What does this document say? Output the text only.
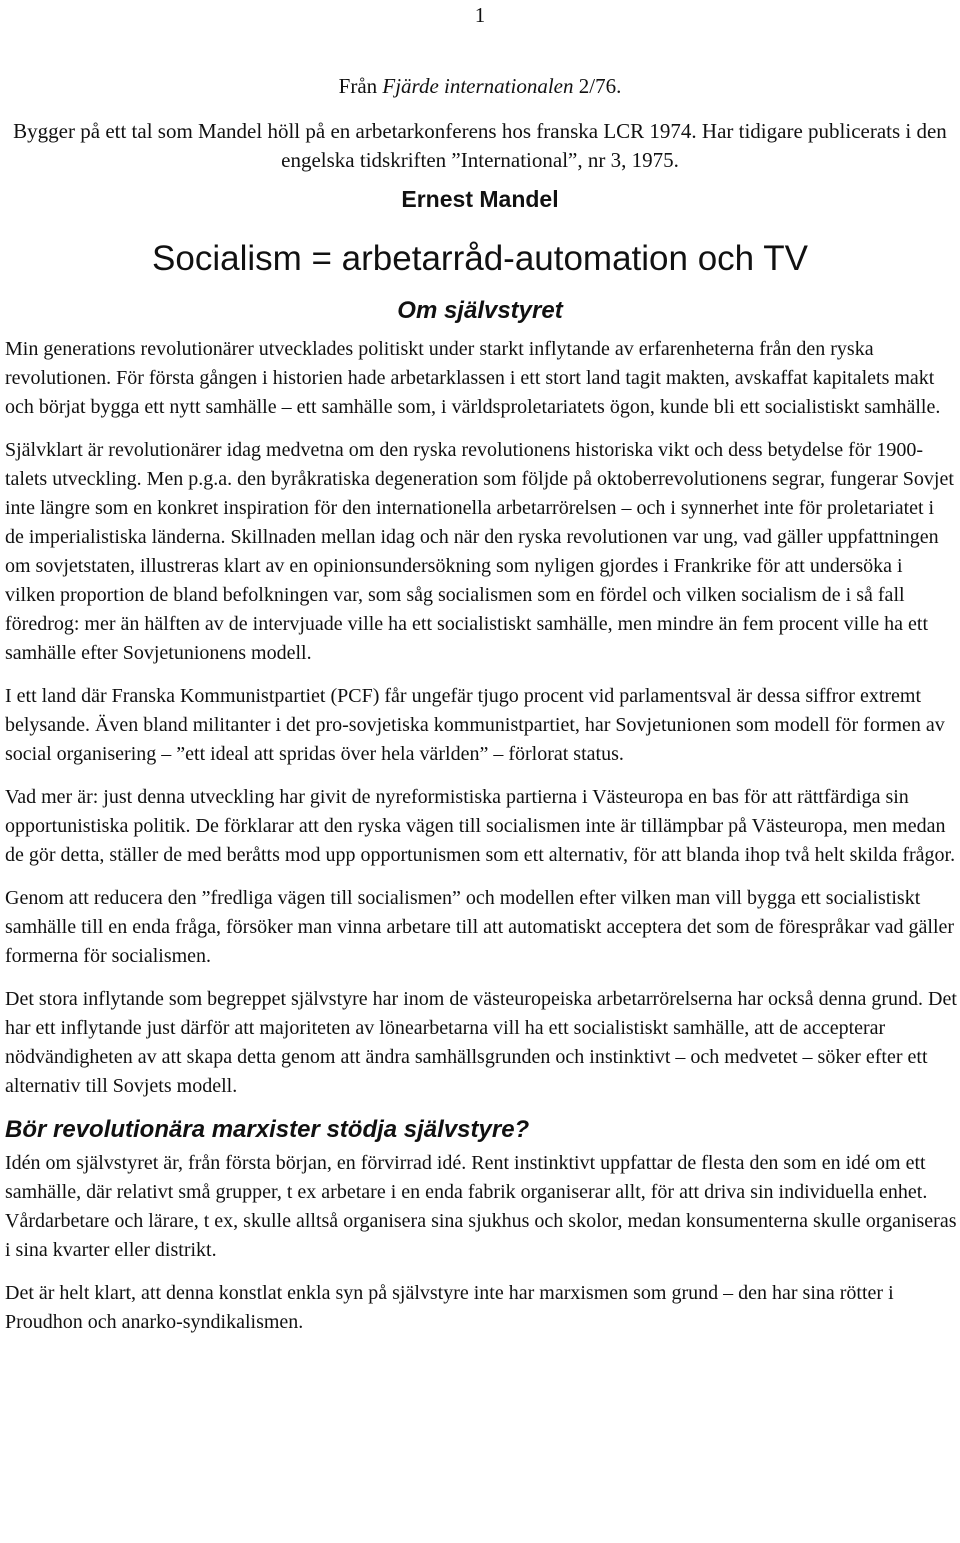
1
Från Fjärde internationalen 2/76.
Bygger på ett tal som Mandel höll på en arbetarkonferens hos franska LCR 1974. Har tidigare publicerats i den engelska tidskriften ”International”, nr 3, 1975.
Ernest Mandel
Socialism = arbetarråd-automation och TV
Om självstyret

Min generations revolutionärer utvecklades politiskt under starkt inflytande av erfarenheterna från den ryska revolutionen. För första gången i historien hade arbetarklassen i ett stort land tagit makten, avskaffat kapitalets makt och börjat bygga ett nytt samhälle – ett samhälle som, i världsproletariatets ögon, kunde bli ett socialistiskt samhälle.

Självklart är revolutionärer idag medvetna om den ryska revolutionens historiska vikt och dess betydelse för 1900-talets utveckling. Men p.g.a. den byråkratiska degeneration som följde på oktoberrevolutionens segrar, fungerar Sovjet inte längre som en konkret inspiration för den internationella arbetarrörelsen – och i synnerhet inte för proletariatet i de imperialistiska länderna. Skillnaden mellan idag och när den ryska revolutionen var ung, vad gäller uppfattningen om sovjetstaten, illustreras klart av en opinionsundersökning som nyligen gjordes i Frankrike för att undersöka i vilken proportion de bland befolkningen var, som såg socialismen som en fördel och vilken socialism de i så fall föredrog: mer än hälften av de intervjuade ville ha ett socialistiskt samhälle, men mindre än fem procent ville ha ett samhälle efter Sovjetunionens modell.

I ett land där Franska Kommunistpartiet (PCF) får ungefär tjugo procent vid parlamentsval är dessa siffror extremt belysande. Även bland militanter i det pro-sovjetiska kommunistpartiet, har Sovjetunionen som modell för formen av social organisering – ”ett ideal att spridas över hela världen” – förlorat status.

Vad mer är: just denna utveckling har givit de nyreformistiska partierna i Västeuropa en bas för att rättfärdiga sin opportunistiska politik. De förklarar att den ryska vägen till socialismen inte är tillämpbar på Västeuropa, men medan de gör detta, ställer de med beråtts mod upp opportunismen som ett alternativ, för att blanda ihop två helt skilda frågor.

Genom att reducera den ”fredliga vägen till socialismen” och modellen efter vilken man vill bygga ett socialistiskt samhälle till en enda fråga, försöker man vinna arbetare till att automatiskt acceptera det som de förespråkar vad gäller formerna för socialismen.

Det stora inflytande som begreppet självstyre har inom de västeuropeiska arbetarrörelserna har också denna grund. Det har ett inflytande just därför att majoriteten av lönearbetarna vill ha ett socialistiskt samhälle, att de accepterar nödvändigheten av att skapa detta genom att ändra samhällsgrunden och instinktivt – och medvetet – söker efter ett alternativ till Sovjets modell.

Bör revolutionära marxister stödja självstyre?

Idén om självstyret är, från första början, en förvirrad idé. Rent instinktivt uppfattar de flesta den som en idé om ett samhälle, där relativt små grupper, t ex arbetare i en enda fabrik organiserar allt, för att driva sin individuella enhet. Vårdarbetare och lärare, t ex, skulle alltså organisera sina sjukhus och skolor, medan konsumenterna skulle organiseras i sina kvarter eller distrikt.

Det är helt klart, att denna konstlat enkla syn på självstyre inte har marxismen som grund – den har sina rötter i Proudhon och anarko-syndikalismen.
